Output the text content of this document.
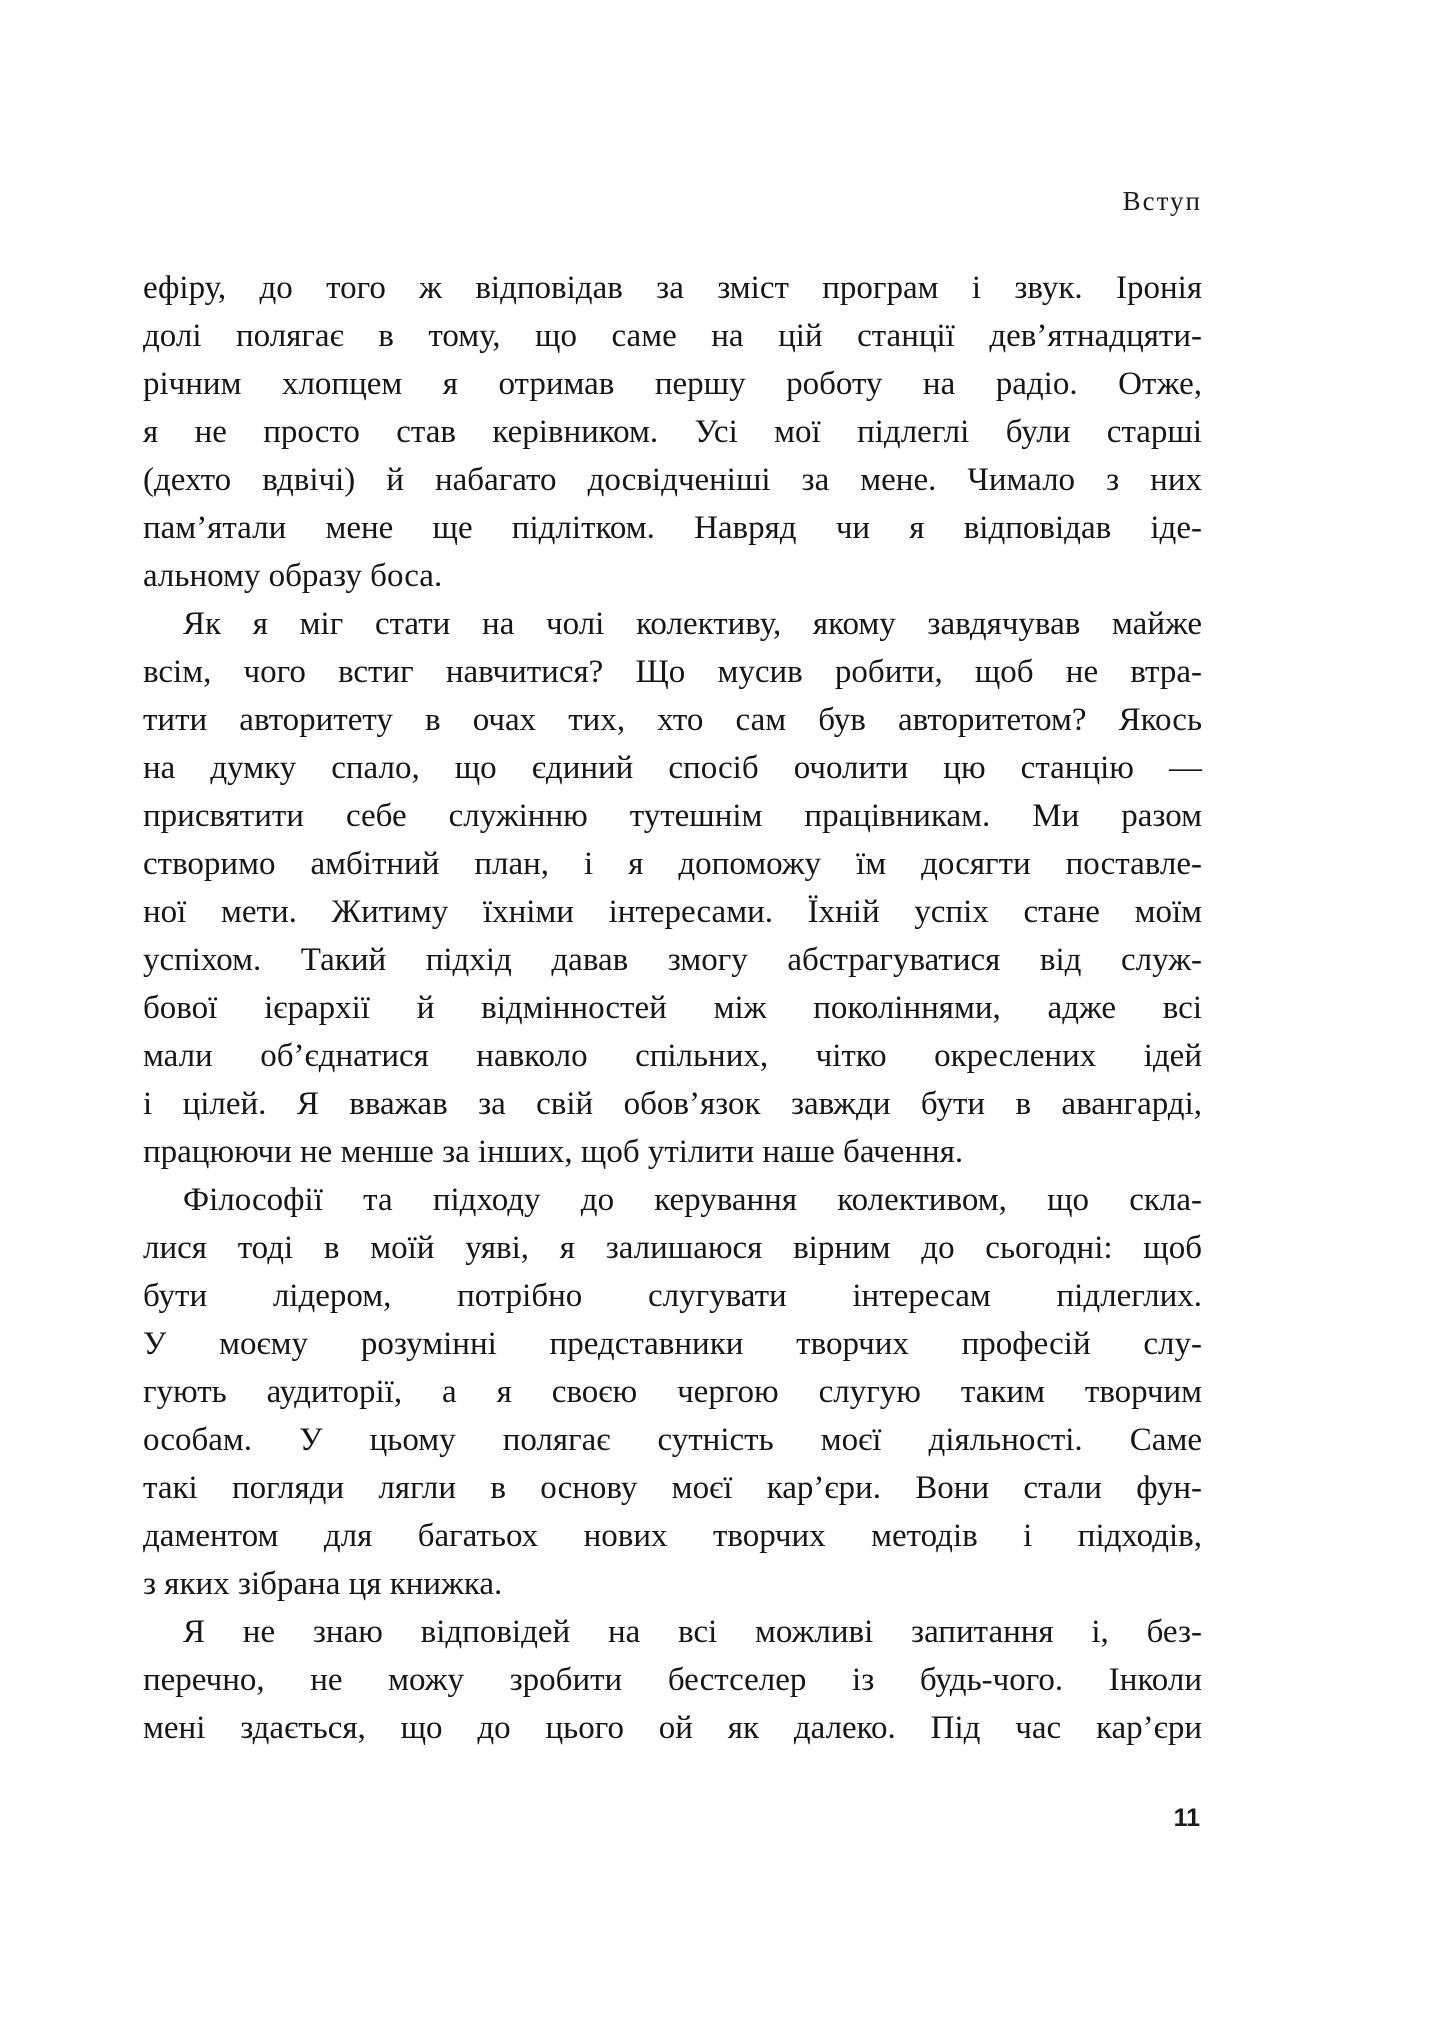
Вступ
ефіру, до того ж відповідав за зміст програм і звук. Іронія
долі полягає в тому, що саме на цій станції дев’ятнадцяти-
річним хлопцем я отримав першу роботу на радіо. Отже,
я не просто став керівником. Усі мої підлеглі були старші
(дехто вдвічі) й набагато досвідченіші за мене. Чимало з них
пам’ятали мене ще підлітком. Навряд чи я відповідав іде-
альному образу боса.
Як я міг стати на чолі колективу, якому завдячував майже
всім, чого встиг навчитися? Що мусив робити, щоб не втра-
тити авторитету в очах тих, хто сам був авторитетом? Якось
на думку спало, що єдиний спосіб очолити цю станцію —
присвятити себе служінню тутешнім працівникам. Ми разом
створимо амбітний план, і я допоможу їм досягти поставле-
ної мети. Житиму їхніми інтересами. Їхній успіх стане моїм
успіхом. Такий підхід давав змогу абстрагуватися від служ-
бової ієрархії й відмінностей між поколіннями, адже всі
мали об’єднатися навколо спільних, чітко окреслених ідей
і цілей. Я вважав за свій обов’язок завжди бути в авангарді,
працюючи не менше за інших, щоб утілити наше бачення.
Філософії та підходу до керування колективом, що скла-
лися тоді в моїй уяві, я залишаюся вірним до сьогодні: щоб
бути лідером, потрібно слугувати інтересам підлеглих.
У моєму розумінні представники творчих професій слу-
гують аудиторії, а я своєю чергою слугую таким творчим
особам. У цьому полягає сутність моєї діяльності. Саме
такі погляди лягли в основу моєї кар’єри. Вони стали фун-
даментом для багатьох нових творчих методів і підходів,
з яких зібрана ця книжка.
Я не знаю відповідей на всі можливі запитання і, без-
перечно, не можу зробити бестселер із будь-чого. Інколи
мені здається, що до цього ой як далеко. Під час кар’єри
11
